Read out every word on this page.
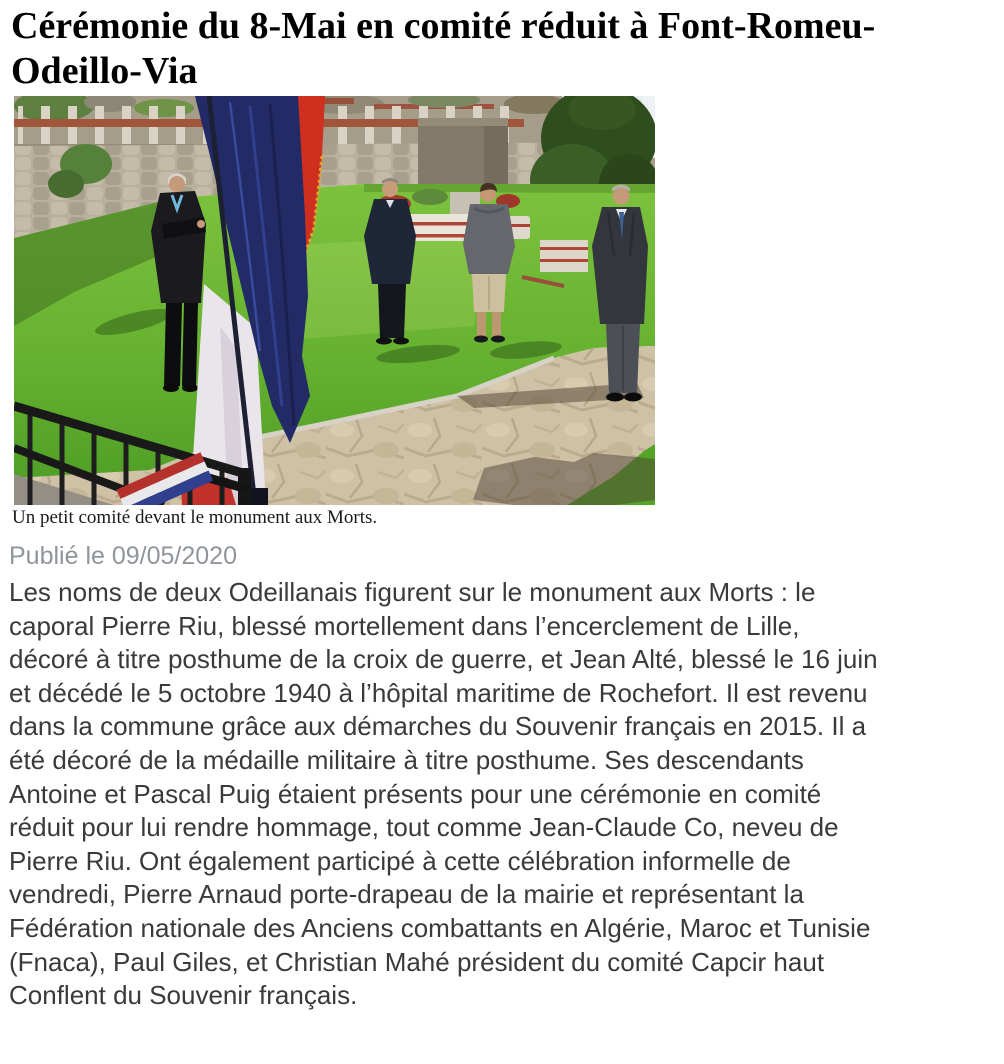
Cérémonie du 8-Mai en comité réduit à Font-Romeu-Odeillo-Via
Un petit comité devant le monument aux Morts.
Publié le 09/05/2020
Les noms de deux Odeillanais figurent sur le monument aux Morts : le
caporal Pierre Riu, blessé mortellement dans l’encerclement de Lille,
décoré à titre posthume de la croix de guerre, et Jean Alté, blessé le 16 juin
et décédé le 5 octobre 1940 à l’hôpital maritime de Rochefort. Il est revenu
dans la commune grâce aux démarches du Souvenir français en 2015. Il a
été décoré de la médaille militaire à titre posthume. Ses descendants
Antoine et Pascal Puig étaient présents pour une cérémonie en comité
réduit pour lui rendre hommage, tout comme Jean-Claude Co, neveu de
Pierre Riu. Ont également participé à cette célébration informelle de
vendredi, Pierre Arnaud porte-drapeau de la mairie et représentant la
Fédération nationale des Anciens combattants en Algérie, Maroc et Tunisie
(Fnaca), Paul Giles, et Christian Mahé président du comité Capcir haut
Conflent du Souvenir français.
